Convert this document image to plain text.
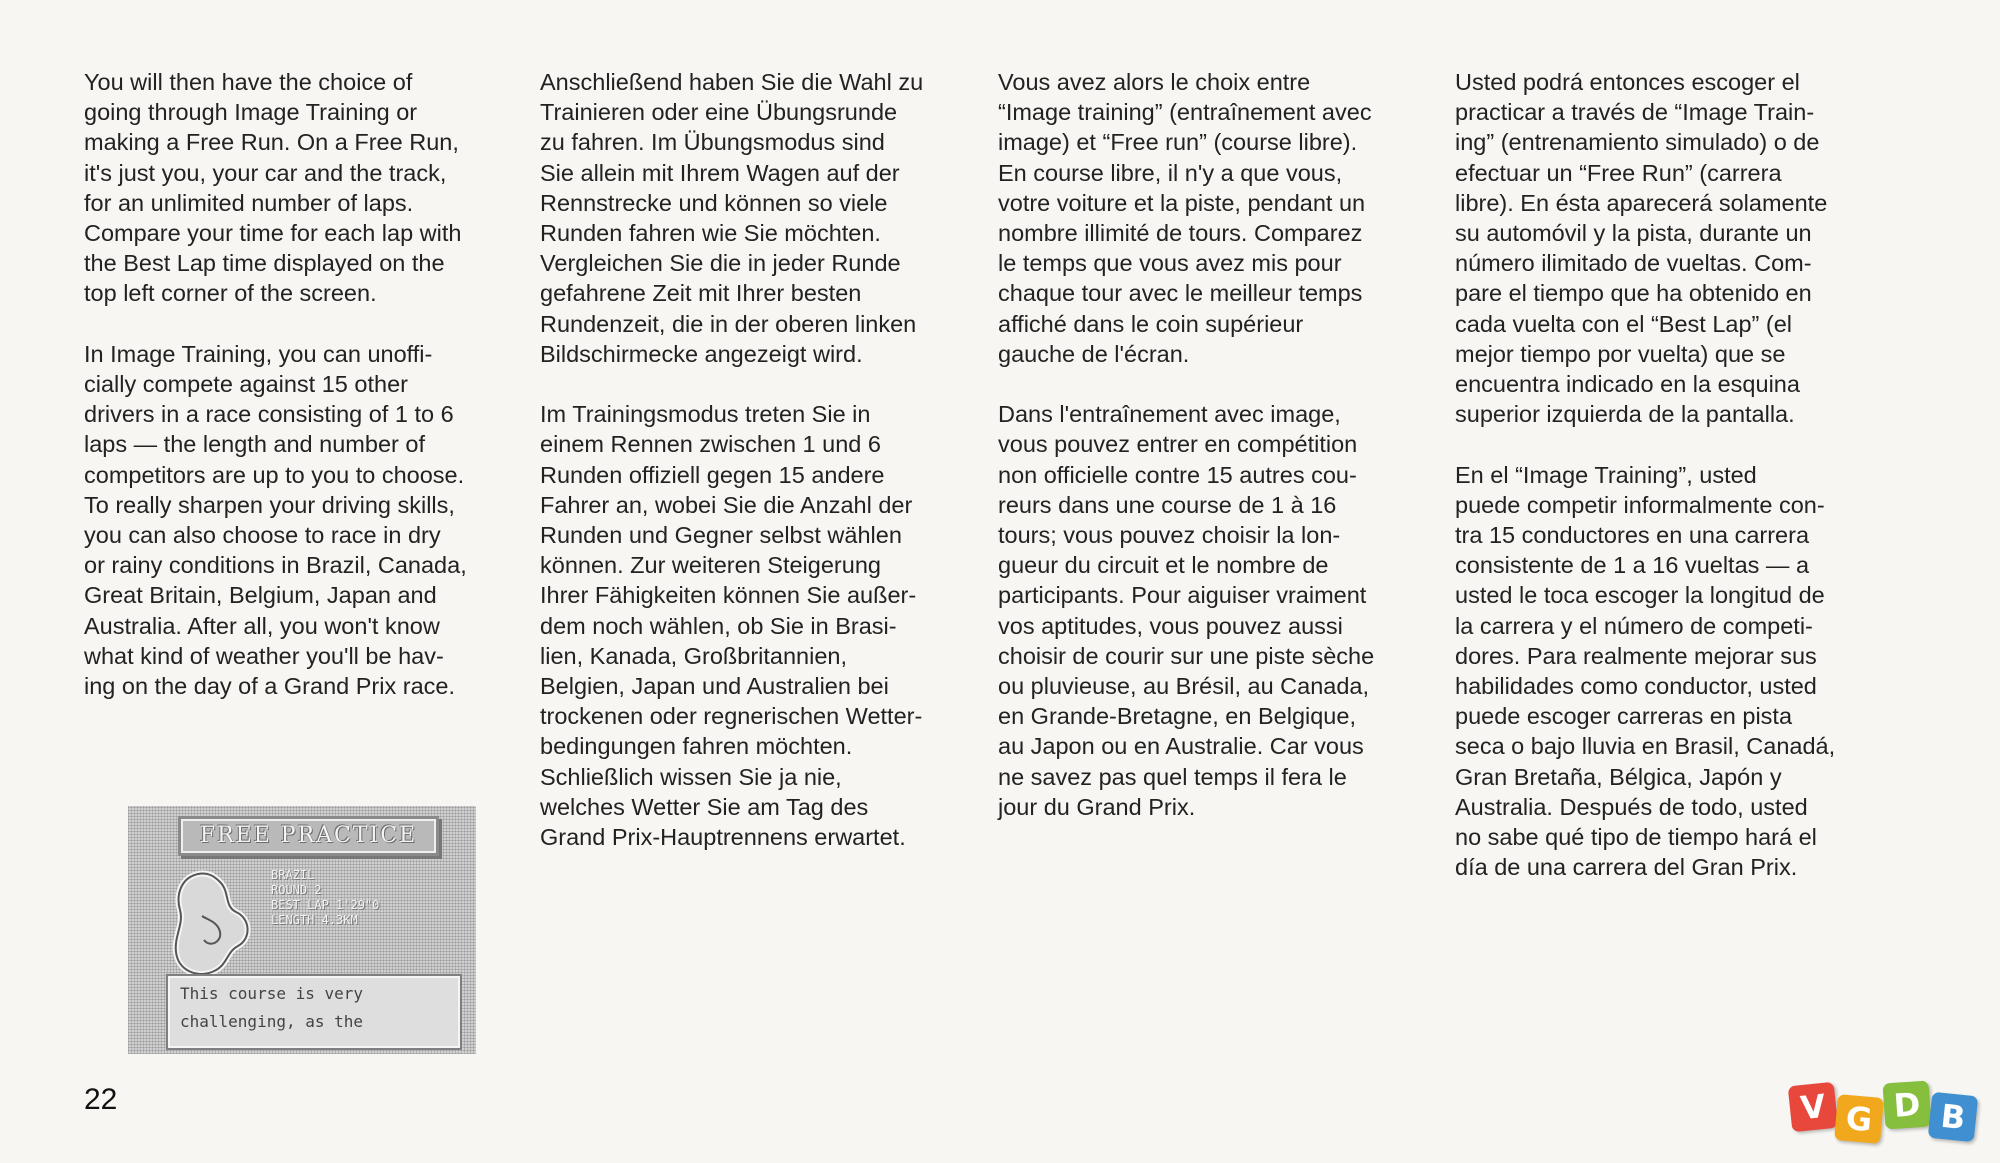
You will then have the choice of
going through Image Training or
making a Free Run. On a Free Run,
it's just you, your car and the track,
for an unlimited number of laps.
Compare your time for each lap with
the Best Lap time displayed on the
top left corner of the screen.
In Image Training, you can unoffi-
cially compete against 15 other
drivers in a race consisting of 1 to 6
laps — the length and number of
competitors are up to you to choose.
To really sharpen your driving skills,
you can also choose to race in dry
or rainy conditions in Brazil, Canada,
Great Britain, Belgium, Japan and
Australia. After all, you won't know
what kind of weather you'll be hav-
ing on the day of a Grand Prix race.
Anschließend haben Sie die Wahl zu
Trainieren oder eine Übungsrunde
zu fahren. Im Übungsmodus sind
Sie allein mit Ihrem Wagen auf der
Rennstrecke und können so viele
Runden fahren wie Sie möchten.
Vergleichen Sie die in jeder Runde
gefahrene Zeit mit Ihrer besten
Rundenzeit, die in der oberen linken
Bildschirmecke angezeigt wird.
Im Trainingsmodus treten Sie in
einem Rennen zwischen 1 und 6
Runden offiziell gegen 15 andere
Fahrer an, wobei Sie die Anzahl der
Runden und Gegner selbst wählen
können. Zur weiteren Steigerung
Ihrer Fähigkeiten können Sie außer-
dem noch wählen, ob Sie in Brasi-
lien, Kanada, Großbritannien,
Belgien, Japan und Australien bei
trockenen oder regnerischen Wetter-
bedingungen fahren möchten.
Schließlich wissen Sie ja nie,
welches Wetter Sie am Tag des
Grand Prix-Hauptrennens erwartet.
Vous avez alors le choix entre
“Image training” (entraînement avec
image) et “Free run” (course libre).
En course libre, il n'y a que vous,
votre voiture et la piste, pendant un
nombre illimité de tours. Comparez
le temps que vous avez mis pour
chaque tour avec le meilleur temps
affiché dans le coin supérieur
gauche de l'écran.
Dans l'entraînement avec image,
vous pouvez entrer en compétition
non officielle contre 15 autres cou-
reurs dans une course de 1 à 16
tours; vous pouvez choisir la lon-
gueur du circuit et le nombre de
participants. Pour aiguiser vraiment
vos aptitudes, vous pouvez aussi
choisir de courir sur une piste sèche
ou pluvieuse, au Brésil, au Canada,
en Grande-Bretagne, en Belgique,
au Japon ou en Australie. Car vous
ne savez pas quel temps il fera le
jour du Grand Prix.
Usted podrá entonces escoger el
practicar a través de “Image Train-
ing” (entrenamiento simulado) o de
efectuar un “Free Run” (carrera
libre). En ésta aparecerá solamente
su automóvil y la pista, durante un
número ilimitado de vueltas. Com-
pare el tiempo que ha obtenido en
cada vuelta con el “Best Lap” (el
mejor tiempo por vuelta) que se
encuentra indicado en la esquina
superior izquierda de la pantalla.
En el “Image Training”, usted
puede competir informalmente con-
tra 15 conductores en una carrera
consistente de 1 a 16 vueltas — a
usted le toca escoger la longitud de
la carrera y el número de competi-
dores. Para realmente mejorar sus
habilidades como conductor, usted
puede escoger carreras en pista
seca o bajo lluvia en Brasil, Canadá,
Gran Bretaña, Bélgica, Japón y
Australia. Después de todo, usted
no sabe qué tipo de tiempo hará el
día de una carrera del Gran Prix.
FREE PRACTICE
BRAZIL
ROUND 2
BEST LAP 1'29"0
LENGTH 4.3KM
This course is very
challenging, as the
22	V G D B
